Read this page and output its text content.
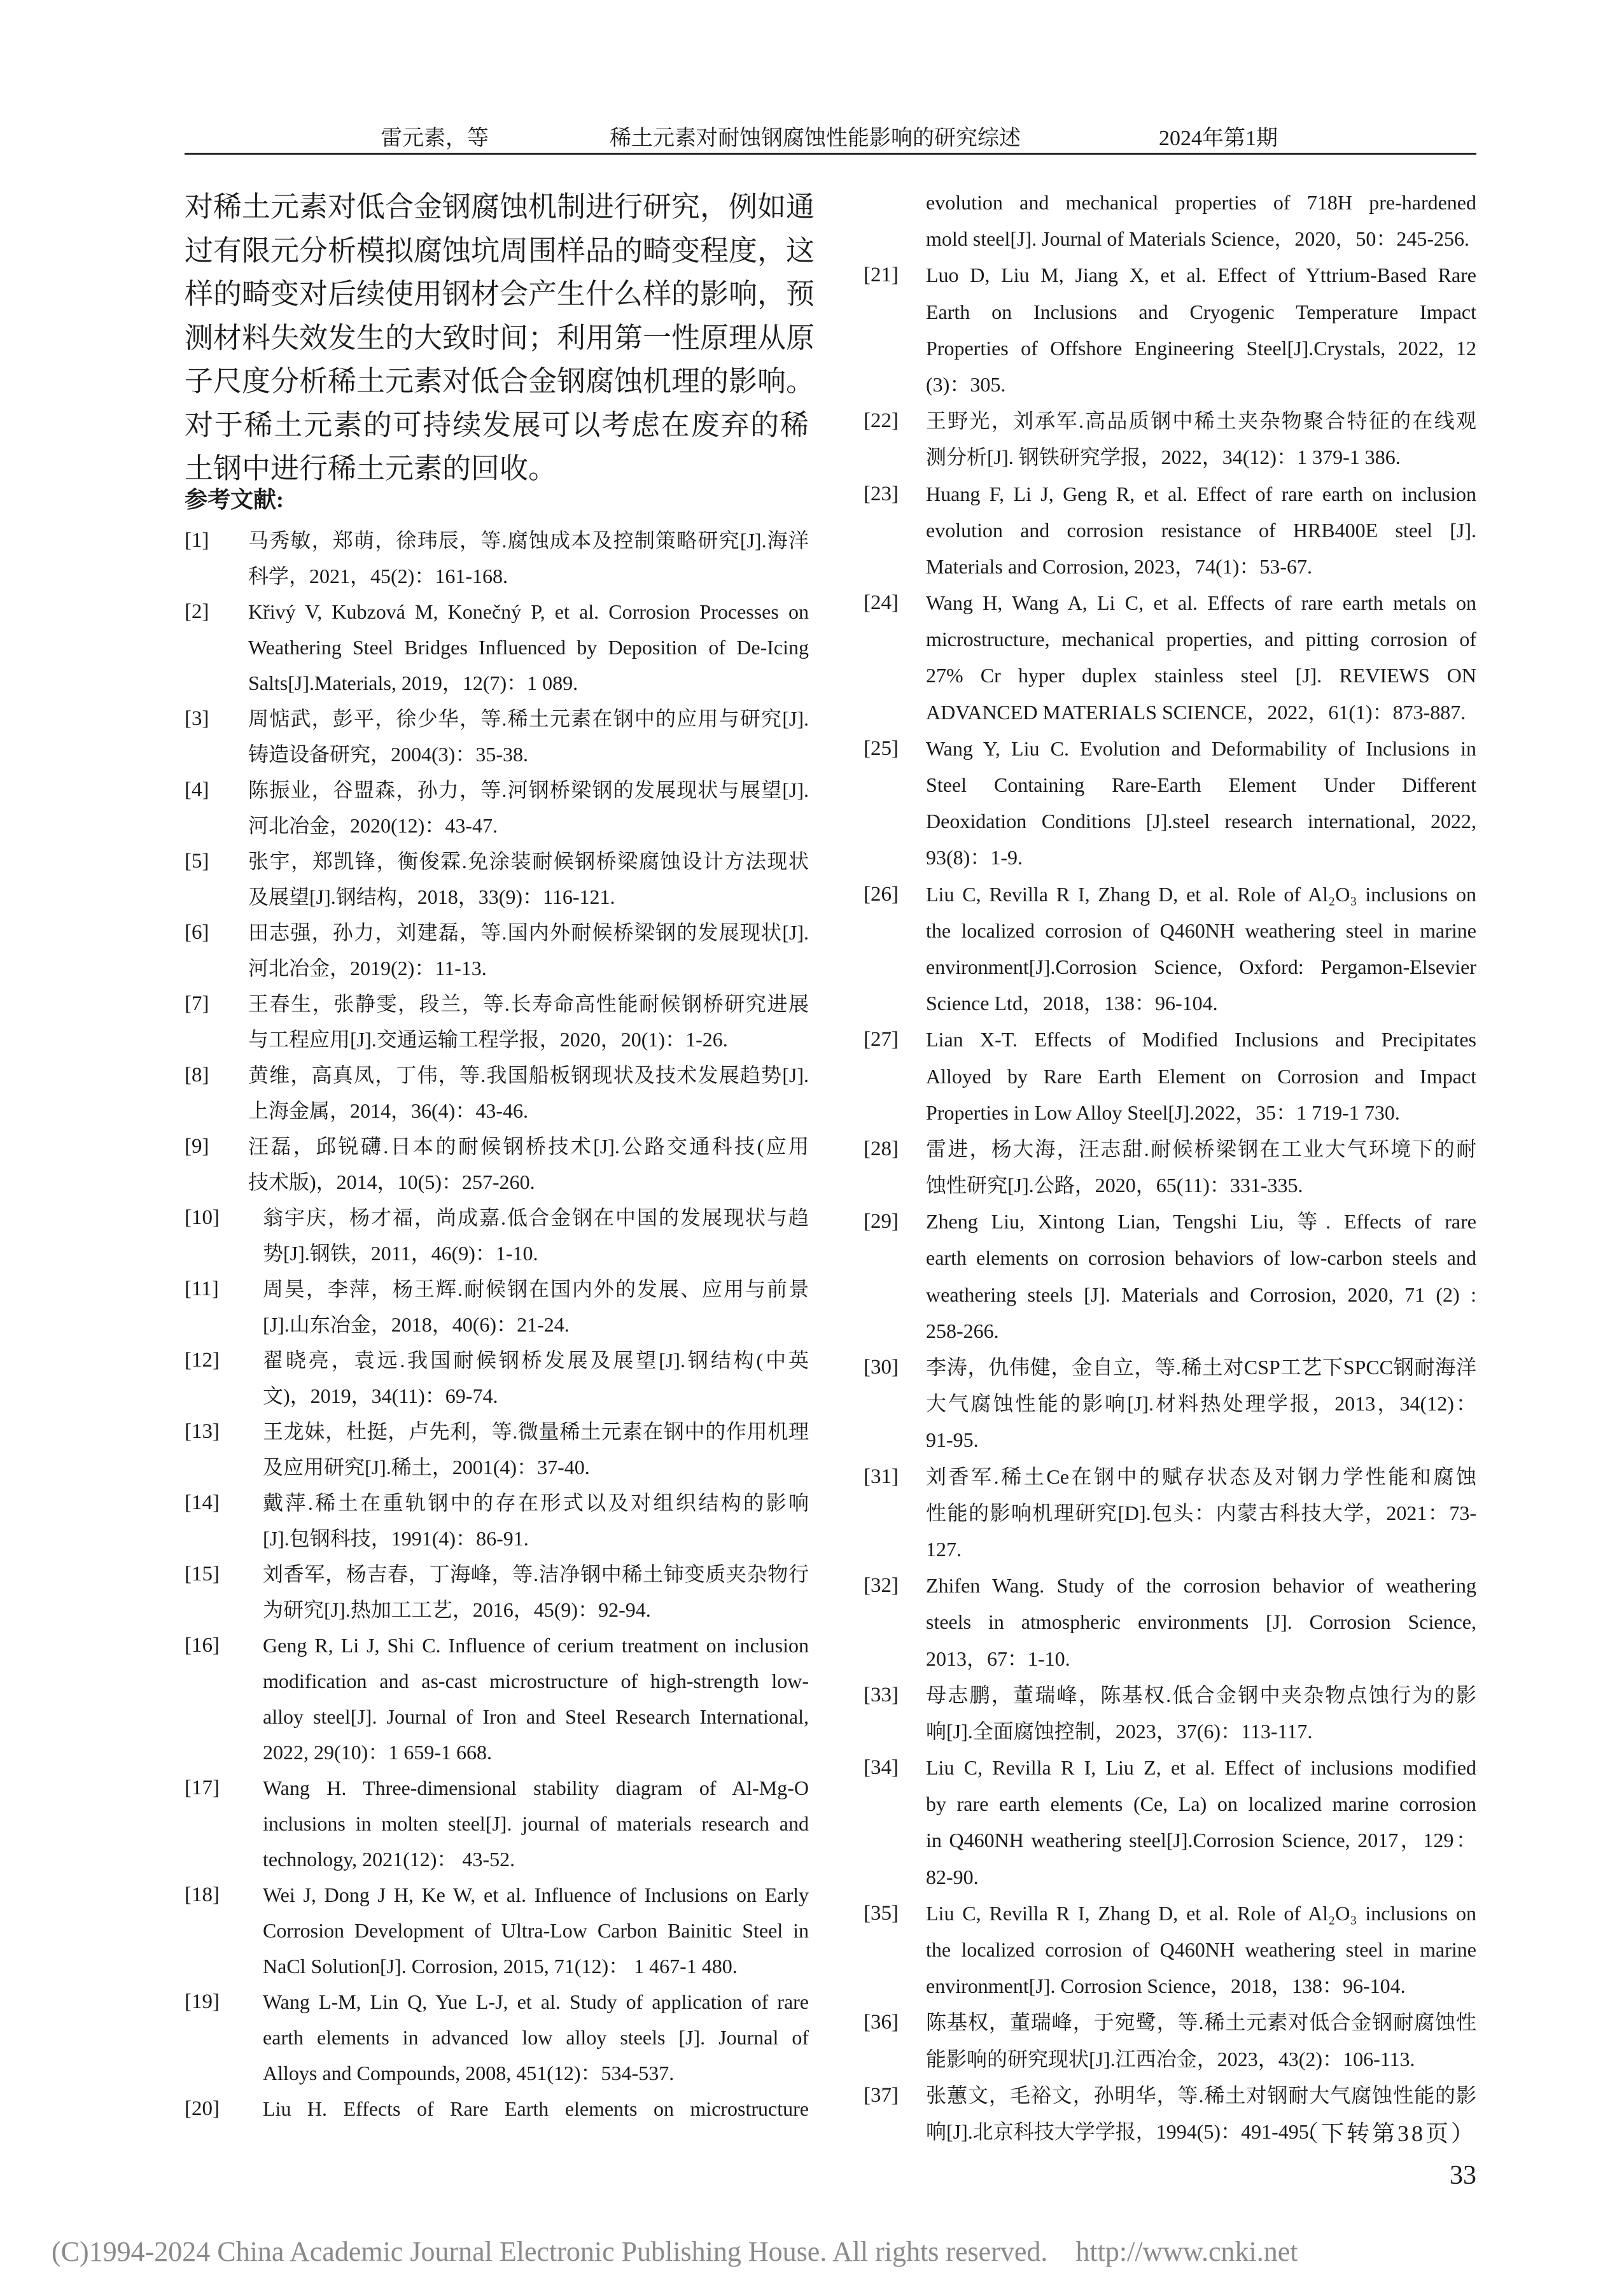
雷元素，等	稀土元素对耐蚀钢腐蚀性能影响的研究综述	2024年第1期
对稀土元素对低合金钢腐蚀机制进行研究，例如通
过有限元分析模拟腐蚀坑周围样品的畸变程度，这
样的畸变对后续使用钢材会产生什么样的影响，预
测材料失效发生的大致时间；利用第一性原理从原
子尺度分析稀土元素对低合金钢腐蚀机理的影响。
对于稀土元素的可持续发展可以考虑在废弃的稀
土钢中进行稀土元素的回收。
参考文献:
[1] 马秀敏，郑萌，徐玮辰，等.腐蚀成本及控制策略研究[J].海洋
科学，2021，45(2)：161-168.
[2] Křivý V, Kubzová M, Konečný P, et al. Corrosion Processes on
Weathering Steel Bridges Influenced by Deposition of De-Icing
Salts[J].Materials, 2019，12(7)：1 089.
[3] 周惦武，彭平，徐少华，等.稀土元素在钢中的应用与研究[J].
铸造设备研究，2004(3)：35-38.
[4] 陈振业，谷盟森，孙力，等.河钢桥梁钢的发展现状与展望[J].
河北冶金，2020(12)：43-47.
[5] 张宇，郑凯锋，衡俊霖.免涂装耐候钢桥梁腐蚀设计方法现状
及展望[J].钢结构，2018，33(9)：116-121.
[6] 田志强，孙力，刘建磊，等.国内外耐候桥梁钢的发展现状[J].
河北冶金，2019(2)：11-13.
[7] 王春生，张静雯，段兰，等.长寿命高性能耐候钢桥研究进展
与工程应用[J].交通运输工程学报，2020，20(1)：1-26.
[8] 黄维，高真凤，丁伟，等.我国船板钢现状及技术发展趋势[J].
上海金属，2014，36(4)：43-46.
[9] 汪磊，邱锐礴.日本的耐候钢桥技术[J].公路交通科技(应用
技术版)，2014，10(5)：257-260.
[10] 翁宇庆，杨才福，尚成嘉.低合金钢在中国的发展现状与趋
势[J].钢铁，2011，46(9)：1-10.
[11] 周昊，李萍，杨王辉.耐候钢在国内外的发展、应用与前景
[J].山东冶金，2018，40(6)：21-24.
[12] 翟晓亮，袁远.我国耐候钢桥发展及展望[J].钢结构(中英
文)，2019，34(11)：69-74.
[13] 王龙妹，杜挺，卢先利，等.微量稀土元素在钢中的作用机理
及应用研究[J].稀土，2001(4)：37-40.
[14] 戴萍.稀土在重轨钢中的存在形式以及对组织结构的影响
[J].包钢科技，1991(4)：86-91.
[15] 刘香军，杨吉春，丁海峰，等.洁净钢中稀土铈变质夹杂物行
为研究[J].热加工工艺，2016，45(9)：92-94.
[16] Geng R, Li J, Shi C. Influence of cerium treatment on inclusion
modification and as-cast microstructure of high-strength low-
alloy steel[J]. Journal of Iron and Steel Research International,
2022, 29(10)：1 659-1 668.
[17] Wang H. Three-dimensional stability diagram of Al-Mg-O
inclusions in molten steel[J]. journal of materials research and
technology, 2021(12)： 43-52.
[18] Wei J, Dong J H, Ke W, et al. Influence of Inclusions on Early
Corrosion Development of Ultra-Low Carbon Bainitic Steel in
NaCl Solution[J]. Corrosion, 2015, 71(12)： 1 467-1 480.
[19] Wang L-M, Lin Q, Yue L-J, et al. Study of application of rare
earth elements in advanced low alloy steels [J]. Journal of
Alloys and Compounds, 2008, 451(12)：534-537.
[20] Liu H. Effects of Rare Earth elements on microstructure
evolution and mechanical properties of 718H pre-hardened
mold steel[J]. Journal of Materials Science，2020，50：245-256.
[21] Luo D, Liu M, Jiang X, et al. Effect of Yttrium-Based Rare
Earth on Inclusions and Cryogenic Temperature Impact
Properties of Offshore Engineering Steel[J].Crystals, 2022, 12
(3)：305.
[22] 王野光，刘承军.高品质钢中稀土夹杂物聚合特征的在线观
测分析[J]. 钢铁研究学报，2022，34(12)：1 379-1 386.
[23] Huang F, Li J, Geng R, et al. Effect of rare earth on inclusion
evolution and corrosion resistance of HRB400E steel [J].
Materials and Corrosion, 2023，74(1)：53-67.
[24] Wang H, Wang A, Li C, et al. Effects of rare earth metals on
microstructure, mechanical properties, and pitting corrosion of
27% Cr hyper duplex stainless steel [J]. REVIEWS ON
ADVANCED MATERIALS SCIENCE，2022，61(1)：873-887.
[25] Wang Y, Liu C. Evolution and Deformability of Inclusions in
Steel Containing Rare-Earth Element Under Different
Deoxidation Conditions [J].steel research international, 2022,
93(8)：1-9.
[26] Liu C, Revilla R I, Zhang D, et al. Role of Al₂O₃ inclusions on
the localized corrosion of Q460NH weathering steel in marine
environment[J].Corrosion Science, Oxford: Pergamon-Elsevier
Science Ltd，2018，138：96-104.
[27] Lian X-T. Effects of Modified Inclusions and Precipitates
Alloyed by Rare Earth Element on Corrosion and Impact
Properties in Low Alloy Steel[J].2022，35：1 719-1 730.
[28] 雷进，杨大海，汪志甜.耐候桥梁钢在工业大气环境下的耐
蚀性研究[J].公路，2020，65(11)：331-335.
[29] Zheng Liu, Xintong Lian, Tengshi Liu, 等. Effects of rare
earth elements on corrosion behaviors of low-carbon steels and
weathering steels [J]. Materials and Corrosion, 2020, 71 (2) :
258-266.
[30] 李涛，仇伟健，金自立，等.稀土对CSP工艺下SPCC钢耐海洋
大气腐蚀性能的影响[J].材料热处理学报，2013，34(12)：
91-95.
[31] 刘香军.稀土Ce在钢中的赋存状态及对钢力学性能和腐蚀
性能的影响机理研究[D].包头：内蒙古科技大学，2021：73-
127.
[32] Zhifen Wang. Study of the corrosion behavior of weathering
steels in atmospheric environments [J]. Corrosion Science,
2013，67：1-10.
[33] 母志鹏，董瑞峰，陈基权.低合金钢中夹杂物点蚀行为的影
响[J].全面腐蚀控制，2023，37(6)：113-117.
[34] Liu C, Revilla R I, Liu Z, et al. Effect of inclusions modified
by rare earth elements (Ce, La) on localized marine corrosion
in Q460NH weathering steel[J].Corrosion Science, 2017，129：
82-90.
[35] Liu C, Revilla R I, Zhang D, et al. Role of Al₂O₃ inclusions on
the localized corrosion of Q460NH weathering steel in marine
environment[J]. Corrosion Science，2018，138：96-104.
[36] 陈基权，董瑞峰，于宛鹭，等.稀土元素对低合金钢耐腐蚀性
能影响的研究现状[J].江西冶金，2023，43(2)：106-113.
[37] 张蕙文，毛裕文，孙明华，等.稀土对钢耐大气腐蚀性能的影
响[J].北京科技大学学报，1994(5)：491-495.
（下转第38页）
33
(C)1994-2024 China Academic Journal Electronic Publishing House. All rights reserved.    http://www.cnki.net
